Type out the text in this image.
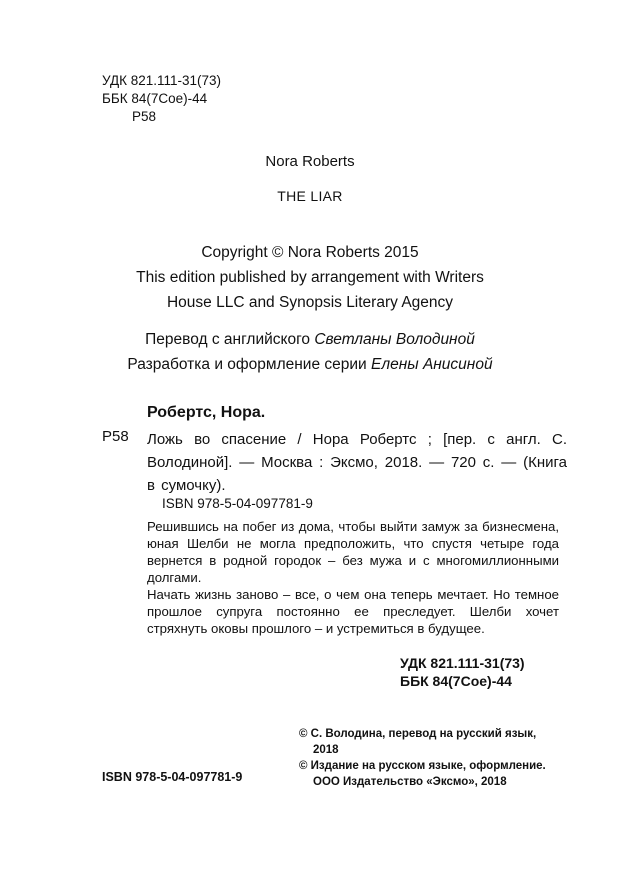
УДК 821.111-31(73)
ББК 84(7Сое)-44
Р58
Nora Roberts
THE LIAR
Copyright © Nora Roberts 2015
This edition published by arrangement with Writers
House LLC and Synopsis Literary Agency
Перевод с английского Светланы Володиной
Разработка и оформление серии Елены Анисиной
Робертс, Нора.
Р58 Ложь во спасение / Нора Робертс ; [пер. с англ. С. Володиной]. — Москва : Эксмо, 2018. — 720 с. — (Книга в сумочку).
ISBN 978-5-04-097781-9

Решившись на побег из дома, чтобы выйти замуж за бизнесмена, юная Шелби не могла предположить, что спустя четыре года вернется в родной городок – без мужа и с многомиллионными долгами.

Начать жизнь заново – все, о чем она теперь мечтает. Но темное прошлое супруга постоянно ее преследует. Шелби хочет стряхнуть оковы прошлого – и устремиться в будущее.

УДК 821.111-31(73)
ББК 84(7Сое)-44
ISBN 978-5-04-097781-9
© С. Володина, перевод на русский язык,
2018
© Издание на русском языке, оформление.
ООО Издательство «Эксмо», 2018
